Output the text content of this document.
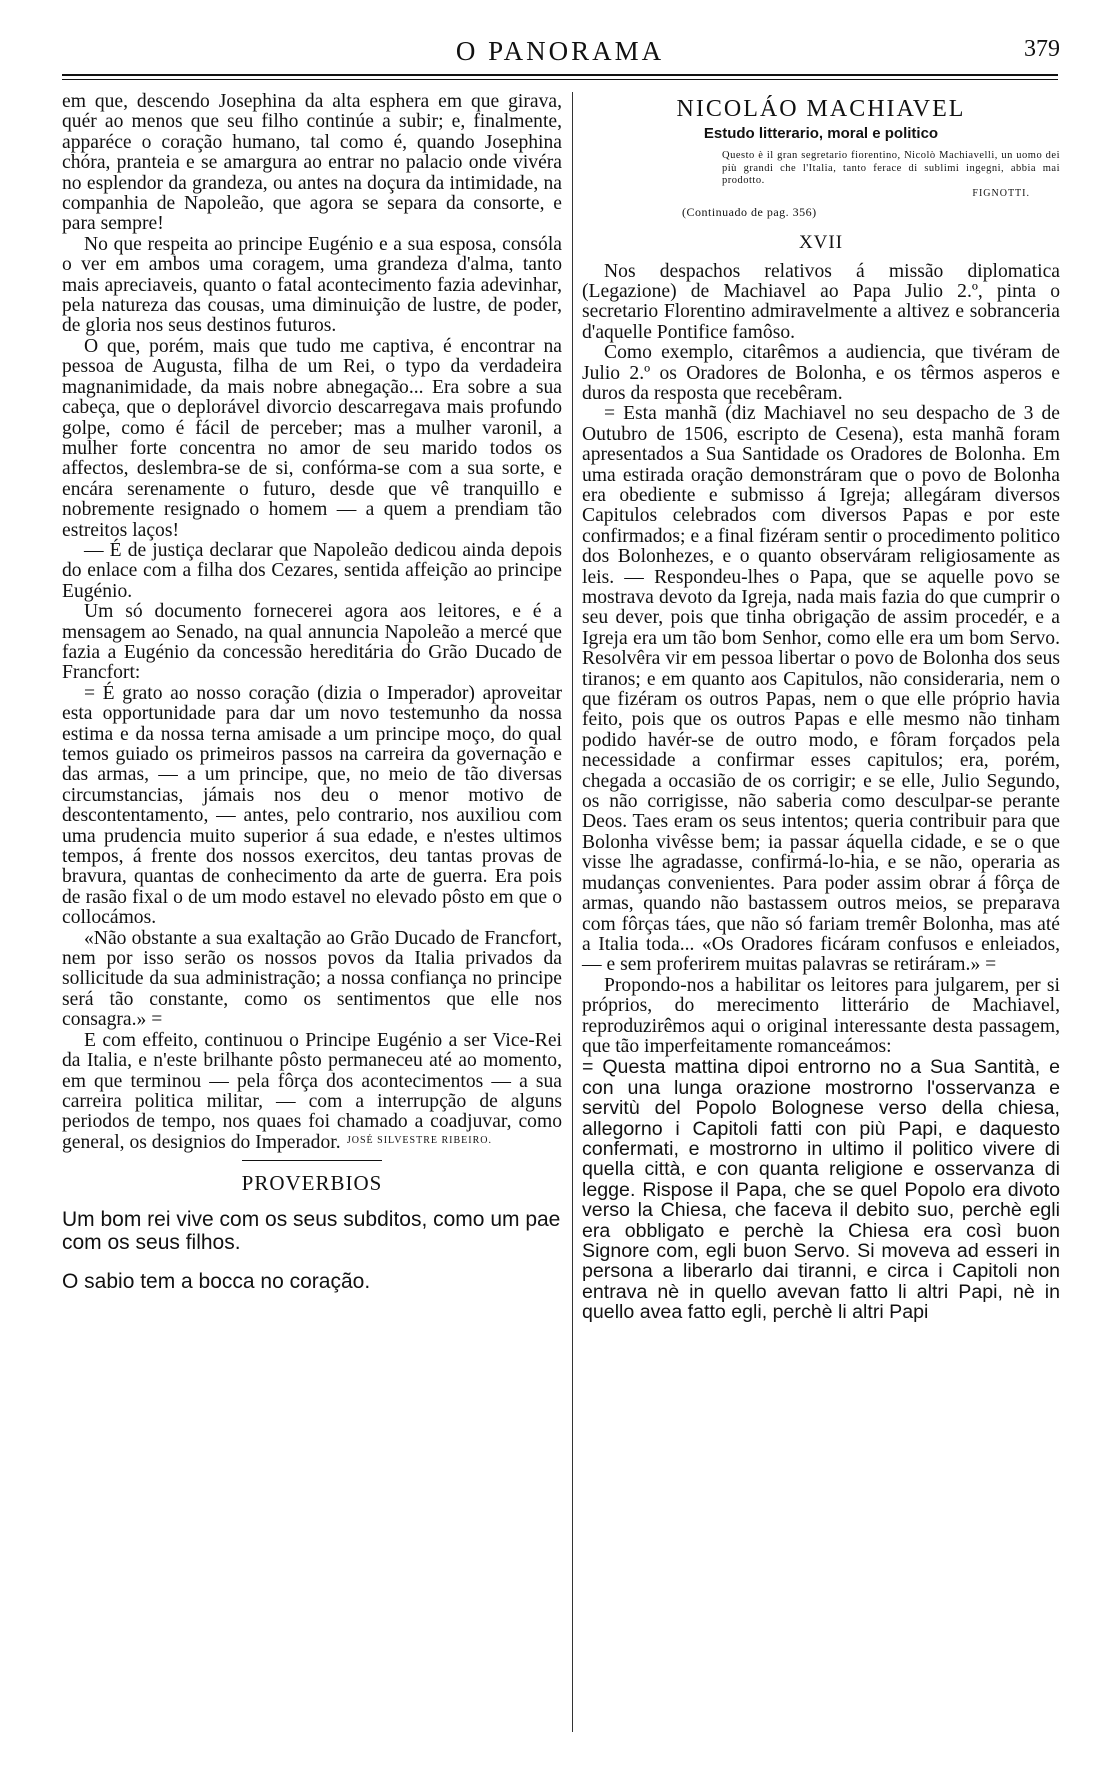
O PANORAMA	379

em que, descendo Josephina da alta esphera em que girava, quér ao menos que seu filho continúe a subir; e, finalmente, apparéce o coração humano, tal como é, quando Josephina chóra, pranteia e se amargura ao entrar no palacio onde vivéra no esplendor da grandeza, ou antes na doçura da intimidade, na companhia de Napoleão, que agora se separa da consorte, e para sempre!

No que respeita ao principe Eugénio e a sua esposa, consóla o ver em ambos uma coragem, uma grandeza d'alma, tanto mais apreciaveis, quanto o fatal acontecimento fazia adevinhar, pela natureza das cousas, uma diminuição de lustre, de poder, de gloria nos seus destinos futuros.

O que, porém, mais que tudo me captiva, é encontrar na pessoa de Augusta, filha de um Rei, o typo da verdadeira magnanimidade, da mais nobre abnegação... Era sobre a sua cabeça, que o deplorável divorcio descarregava mais profundo golpe, como é fácil de perceber; mas a mulher varonil, a mulher forte concentra no amor de seu marido todos os affectos, deslembra-se de si, confórma-se com a sua sorte, e encára serenamente o futuro, desde que vê tranquillo e nobremente resignado o homem — a quem a prendiam tão estreitos laços!

— É de justiça declarar que Napoleão dedicou ainda depois do enlace com a filha dos Cezares, sentida affeição ao principe Eugénio.

Um só documento fornecerei agora aos leitores, e é a mensagem ao Senado, na qual annuncia Napoleão a mercé que fazia a Eugénio da concessão hereditária do Grão Ducado de Francfort:

= É grato ao nosso coração (dizia o Imperador) aproveitar esta opportunidade para dar um novo testemunho da nossa estima e da nossa terna amisade a um principe moço, do qual temos guiado os primeiros passos na carreira da governação e das armas, — a um principe, que, no meio de tão diversas circumstancias, jámais nos deu o menor motivo de descontentamento, — antes, pelo contrario, nos auxiliou com uma prudencia muito superior á sua edade, e n'estes ultimos tempos, á frente dos nossos exercitos, deu tantas provas de bravura, quantas de conhecimento da arte de guerra. Era pois de rasão fixal o de um modo estavel no elevado pôsto em que o collocámos.

«Não obstante a sua exaltação ao Grão Ducado de Francfort, nem por isso serão os nossos povos da Italia privados da sollicitude da sua administração; a nossa confiança no principe será tão constante, como os sentimentos que elle nos consagra.» =

E com effeito, continuou o Principe Eugénio a ser Vice-Rei da Italia, e n'este brilhante pôsto permaneceu até ao momento, em que terminou — pela fôrça dos acontecimentos — a sua carreira politica militar, — com a interrupção de alguns periodos de tempo, nos quaes foi chamado a coadjuvar, como general, os designios do Imperador. JOSÉ SILVESTRE RIBEIRO.
PROVERBIOS

Um bom rei vive com os seus subditos, como um pae com os seus filhos.

O sabio tem a bocca no coração.

NICOLÁO MACHIAVEL
Estudo litterario, moral e politico
Questo è il gran segretario fiorentino, Nicolò Machiavelli, un uomo dei più grandi che l'Italia, tanto ferace di sublimi ingegni, abbia mai prodotto.
FIGNOTTI.
(Continuado de pag. 356)
XVII

Nos despachos relativos á missão diplomatica (Legazione) de Machiavel ao Papa Julio 2.º, pinta o secretario Florentino admiravelmente a altivez e sobranceria d'aquelle Pontifice famôso.

Como exemplo, citarêmos a audiencia, que tivéram de Julio 2.º os Oradores de Bolonha, e os têrmos asperos e duros da resposta que recebêram.

= Esta manhã (diz Machiavel no seu despacho de 3 de Outubro de 1506, escripto de Cesena), esta manhã foram apresentados a Sua Santidade os Oradores de Bolonha. Em uma estirada oração demonstráram que o povo de Bolonha era obediente e submisso á Igreja; allegáram diversos Capitulos celebrados com diversos Papas e por este confirmados; e a final fizéram sentir o procedimento politico dos Bolonhezes, e o quanto observáram religiosamente as leis. — Respondeu-lhes o Papa, que se aquelle povo se mostrava devoto da Igreja, nada mais fazia do que cumprir o seu dever, pois que tinha obrigação de assim procedér, e a Igreja era um tão bom Senhor, como elle era um bom Servo. Resolvêra vir em pessoa libertar o povo de Bolonha dos seus tiranos; e em quanto aos Capitulos, não consideraria, nem o que fizéram os outros Papas, nem o que elle próprio havia feito, pois que os outros Papas e elle mesmo não tinham podido havér-se de outro modo, e fôram forçados pela necessidade a confirmar esses capitulos; era, porém, chegada a occasião de os corrigir; e se elle, Julio Segundo, os não corrigisse, não saberia como desculpar-se perante Deos. Taes eram os seus intentos; queria contribuir para que Bolonha vivêsse bem; ia passar áquella cidade, e se o que visse lhe agradasse, confirmá-lo-hia, e se não, operaria as mudanças convenientes. Para poder assim obrar á fôrça de armas, quando não bastassem outros meios, se preparava com fôrças táes, que não só fariam tremêr Bolonha, mas até a Italia toda... «Os Oradores ficáram confusos e enleiados, — e sem proferirem muitas palavras se retiráram.» =

Propondo-nos a habilitar os leitores para julgarem, per si próprios, do merecimento litterário de Machiavel, reproduzirêmos aqui o original interessante desta passagem, que tão imperfeitamente romanceámos:

= Questa mattina dipoi entrorno no a Sua Santità, e con una lunga orazione mostrorno l'osservanza e servitù del Popolo Bolognese verso della chiesa, allegorno i Capitoli fatti con più Papi, e daquesto confermati, e mostrorno in ultimo il politico vivere di quella città, e con quanta religione e osservanza di legge. Rispose il Papa, che se quel Popolo era divoto verso la Chiesa, che faceva il debito suo, perchè egli era obbligato e perchè la Chiesa era così buon Signore com, egli buon Servo. Si moveva ad esseri in persona a liberarlo dai tiranni, e circa i Capitoli non entrava nè in quello avevan fatto li altri Papi, nè in quello avea fatto egli, perchè li altri Papi
